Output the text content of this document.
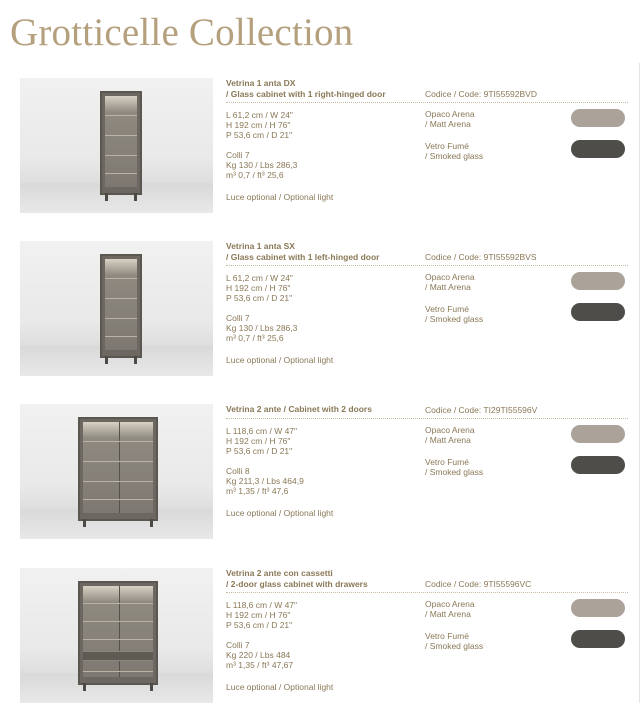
Grotticelle Collection
Vetrina 1 anta DX
/ Glass cabinet with 1 right-hinged door	Codice / Code: 9TI55592BVD
L 61,2 cm / W 24"
H 192 cm / H 76"
P 53,6 cm / D 21"
Colli 7
Kg 130 / Lbs 286,3
m³ 0,7 / ft³ 25,6
Luce optional / Optional light
Opaco Arena
/ Matt Arena
Vetro Fumé
/ Smoked glass
Vetrina 1 anta SX
/ Glass cabinet with 1 left-hinged door	Codice / Code: 9TI55592BVS
L 61,2 cm / W 24"
H 192 cm / H 76"
P 53,6 cm / D 21"
Colli 7
Kg 130 / Lbs 286,3
m³ 0,7 / ft³ 25,6
Luce optional / Optional light
Opaco Arena
/ Matt Arena
Vetro Fumé
/ Smoked glass
Vetrina 2 ante / Cabinet with 2 doors	Codice / Code: TI29TI55596V
L 118,6 cm / W 47"
H 192 cm / H 76"
P 53,6 cm / D 21"
Colli 8
Kg 211,3 / Lbs 464,9
m³ 1,35 / ft³ 47,6
Luce optional / Optional light
Opaco Arena
/ Matt Arena
Vetro Fumé
/ Smoked glass
Vetrina 2 ante con cassetti
/ 2-door glass cabinet with drawers	Codice / Code: 9TI55596VC
L 118,6 cm / W 47"
H 192 cm / H 76"
P 53,6 cm / D 21"
Colli 7
Kg 220 / Lbs 484
m³ 1,35 / ft³ 47,67
Luce optional / Optional light
Opaco Arena
/ Matt Arena
Vetro Fumé
/ Smoked glass
